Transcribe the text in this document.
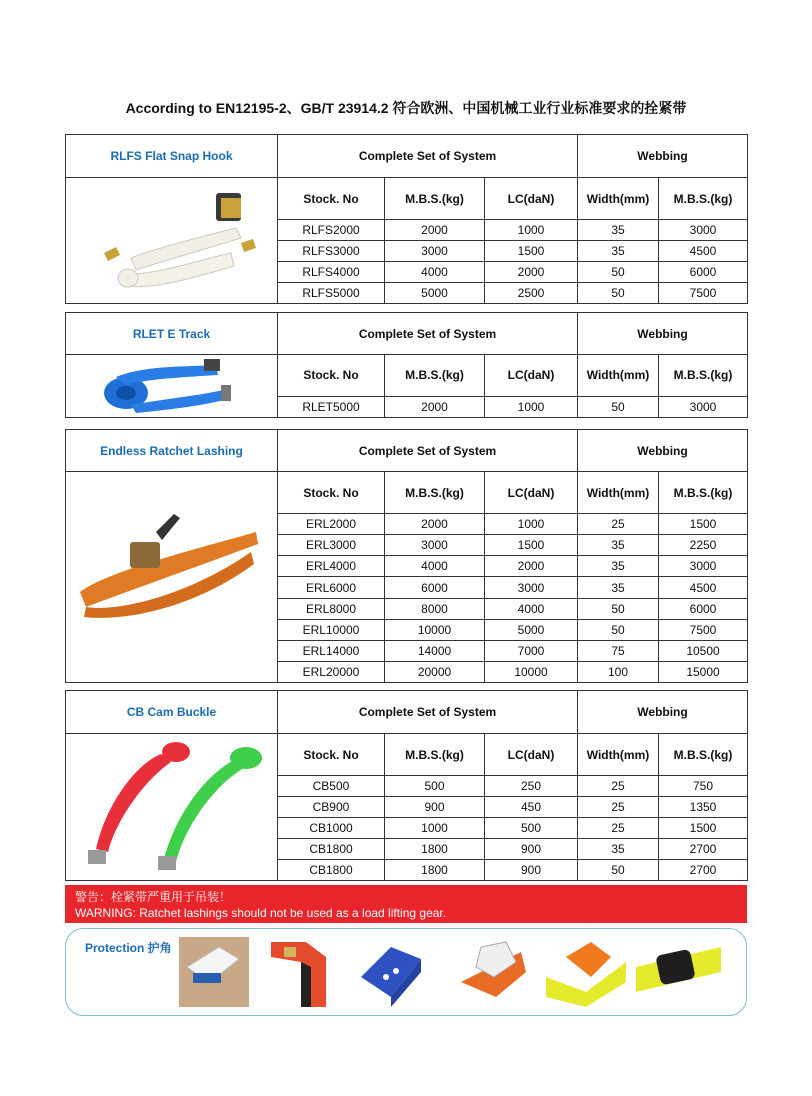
According to EN12195-2、GB/T 23914.2 符合欧洲、中国机械工业行业标准要求的拴紧带
RLFS Flat Snap Hook	Complete Set of System			Webbing	

	Stock. No	M.B.S.(kg)	LC(daN)	Width(mm)	M.B.S.(kg)
	RLFS2000	2000	1000	35	3000
	RLFS3000	3000	1500	35	4500
	RLFS4000	4000	2000	50	6000
	RLFS5000	5000	2500	50	7500
RLET E Track	Complete Set of System			Webbing	

	Stock. No	M.B.S.(kg)	LC(daN)	Width(mm)	M.B.S.(kg)
	RLET5000	2000	1000	50	3000
Endless Ratchet Lashing	Complete Set of System			Webbing	

	Stock. No	M.B.S.(kg)	LC(daN)	Width(mm)	M.B.S.(kg)
	ERL2000	2000	1000	25	1500
	ERL3000	3000	1500	35	2250
	ERL4000	4000	2000	35	3000
	ERL6000	6000	3000	35	4500
	ERL8000	8000	4000	50	6000
	ERL10000	10000	5000	50	7500
	ERL14000	14000	7000	75	10500
	ERL20000	20000	10000	100	15000
CB Cam Buckle	Complete Set of System			Webbing	

	Stock. No	M.B.S.(kg)	LC(daN)	Width(mm)	M.B.S.(kg)
	CB500	500	250	25	750
	CB900	900	450	25	1350
	CB1000	1000	500	25	1500
	CB1800	1800	900	35	2700
	CB1800	1800	900	50	2700
警告：栓紧带严重用于吊装！
WARNING: Ratchet lashings should not be used as a load lifting gear.
Protection 护角
